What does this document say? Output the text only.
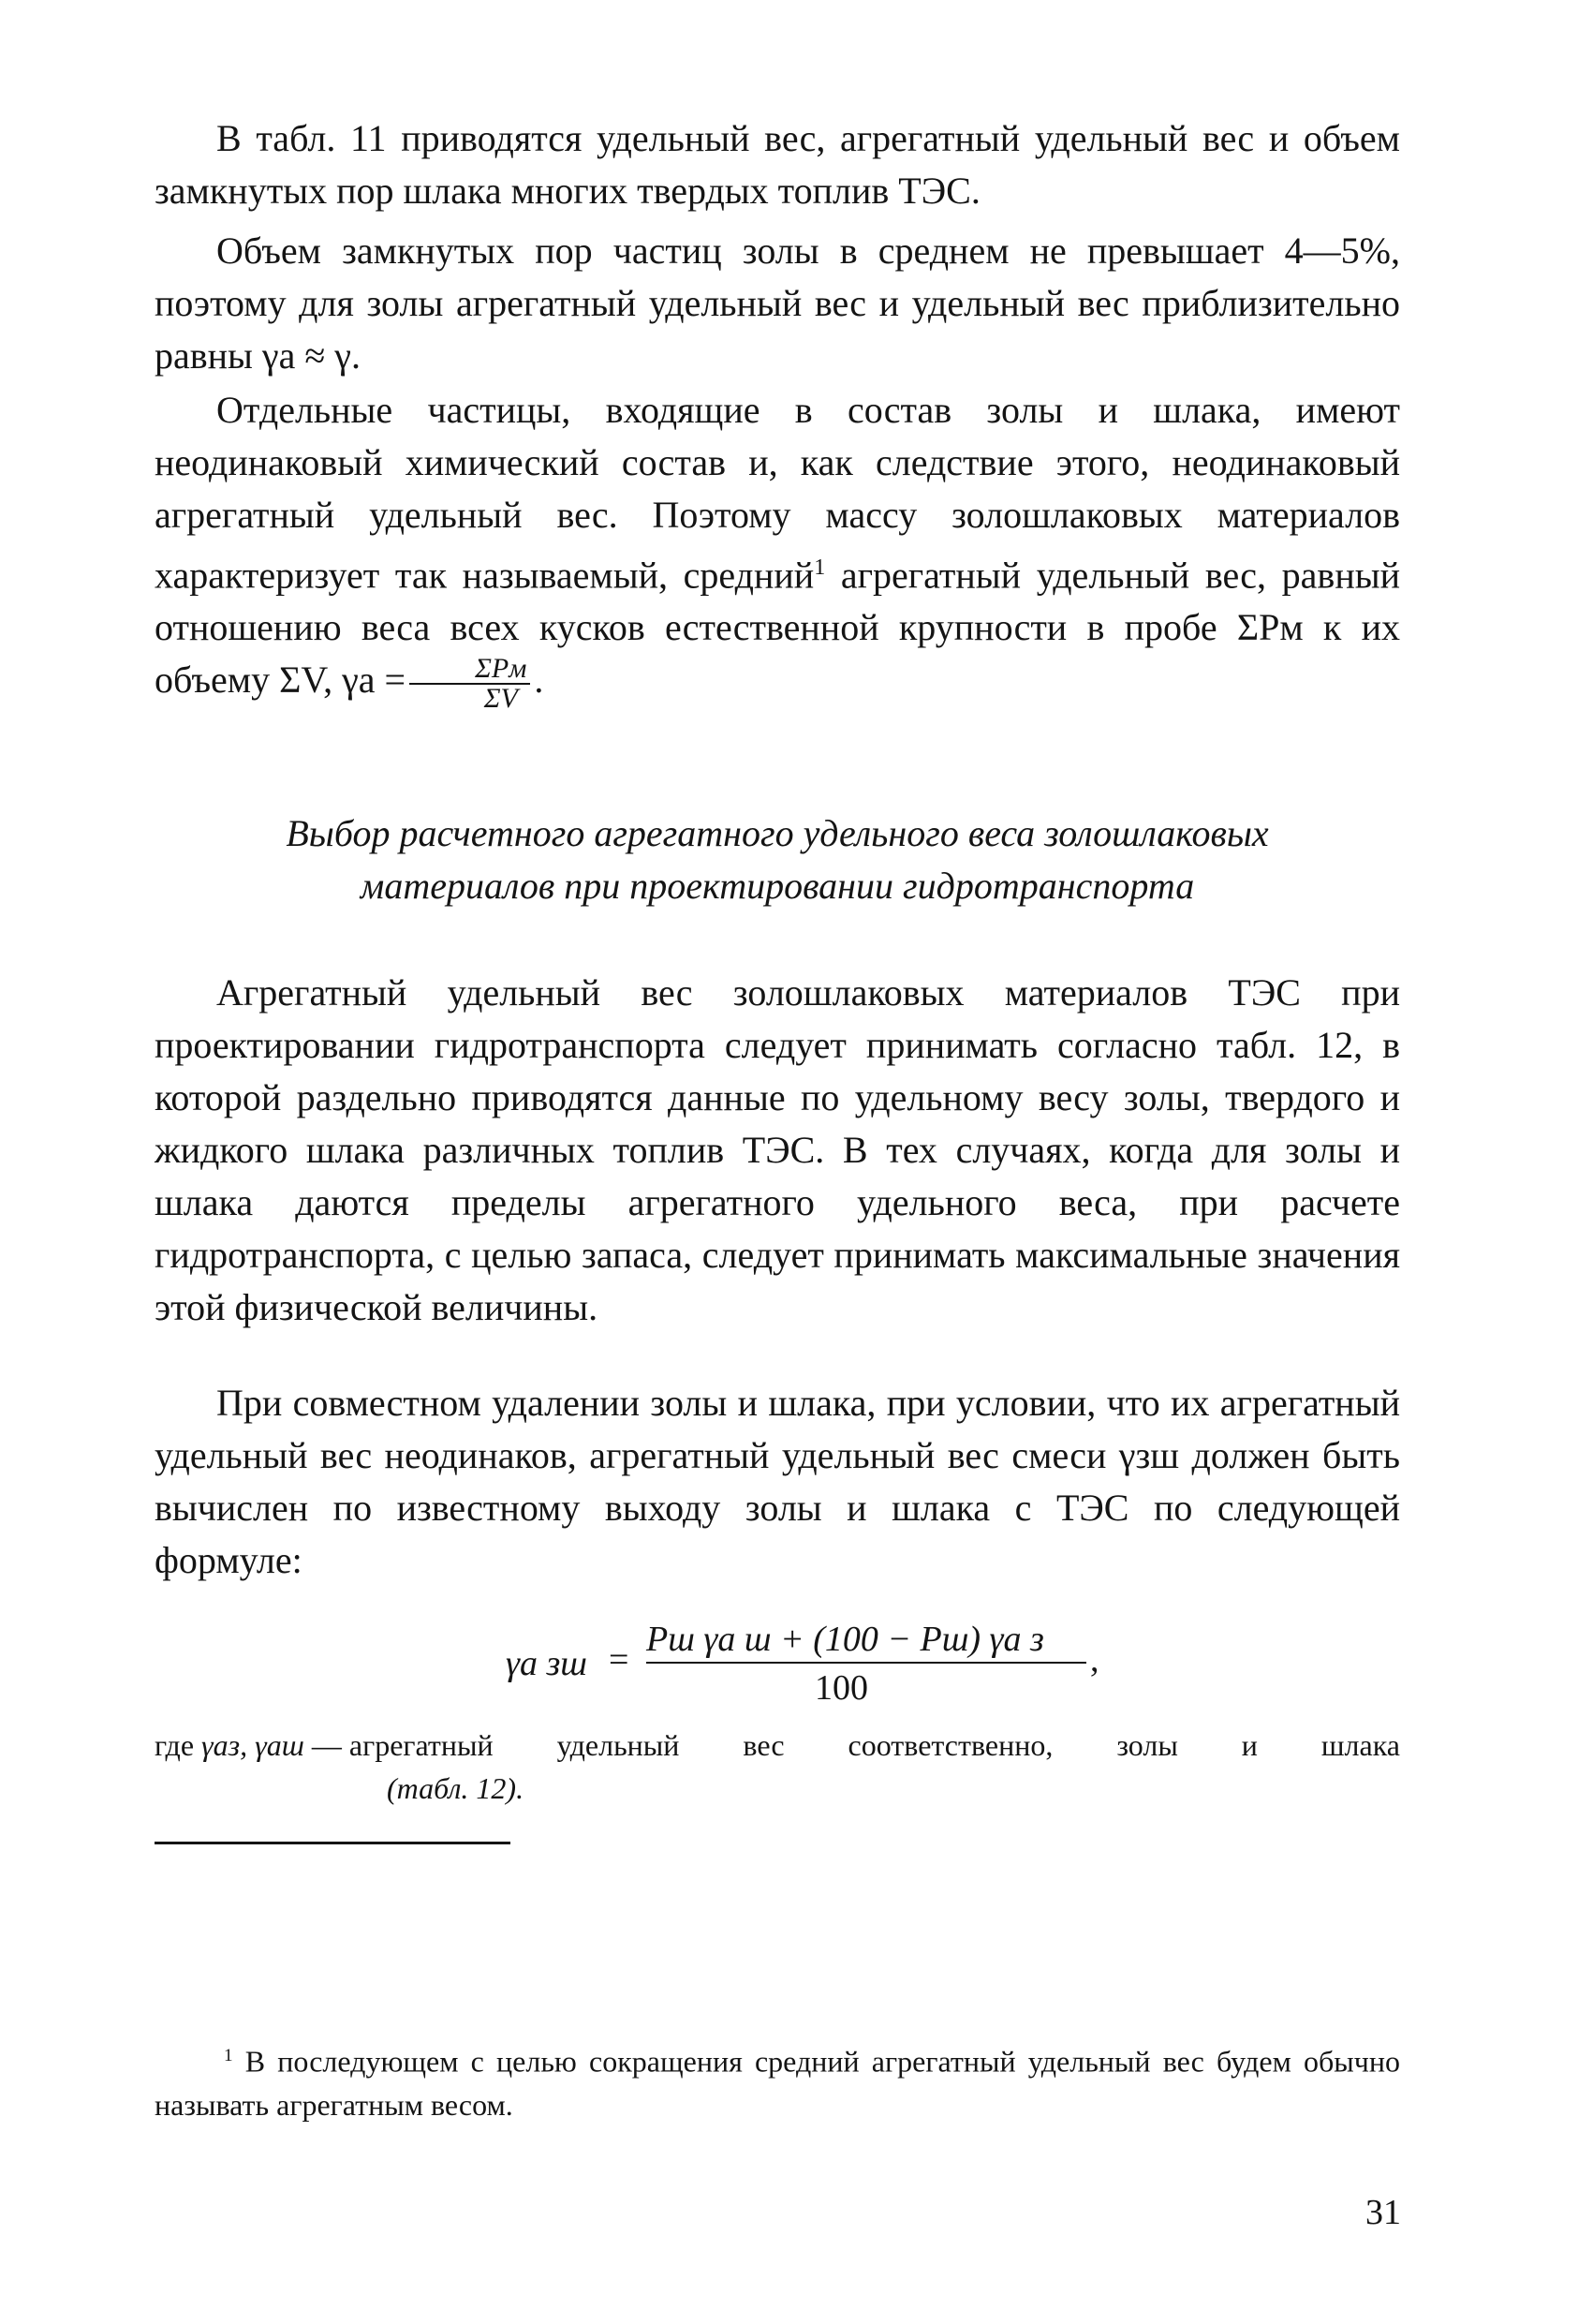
В табл. 11 приводятся удельный вес, агрегатный удельный вес и объем замкнутых пор шлака многих твердых топлив ТЭС.

Объем замкнутых пор частиц золы в среднем не превышает 4—5%, поэтому для золы агрегатный удельный вес и удельный вес приблизительно равны γа ≈ γ.

Отдельные частицы, входящие в состав золы и шлака, имеют неодинаковый химический состав и, как следствие этого, неодинаковый агрегатный удельный вес. Поэтому массу золошлаковых материалов характеризует так называемый, средний$^1$ агрегатный удельный вес, равный отношению веса всех кусков естественной крупности в пробе ΣPм к их объему ΣV, $\gamma а = \frac{\text{ΣPм}}{\Sigma V}$ .

Выбор расчетного агрегатного удельного веса золошлаковых
материалов при проектировании гидротранспорта

Агрегатный удельный вес золошлаковых материалов ТЭС при проектировании гидротранспорта следует принимать согласно табл. 12, в которой раздельно приводятся данные по удельному весу золы, твердого и жидкого шлака различных топлив ТЭС. В тех случаях, когда для золы и шлака даются пределы агрегатного удельного веса, при расчете гидротранспорта, с целью запаса, следует принимать максимальные значения этой физической величины.

При совместном удалении золы и шлака, при условии, что их агрегатный удельный вес неодинаков, агрегатный удельный вес смеси γзш должен быть вычислен по известному выходу золы и шлака с ТЭС по следующей формуле:

γа зш =
Pш γа ш + (100 − Pш) γа з
100
,
где γаз, γаш — агрегатный удельный вес соответственно, золы и шлака
(табл. 12).

$^1$ В последующем с целью сокращения средний агрегатный удельный вес будем обычно называть агрегатным весом.

31
